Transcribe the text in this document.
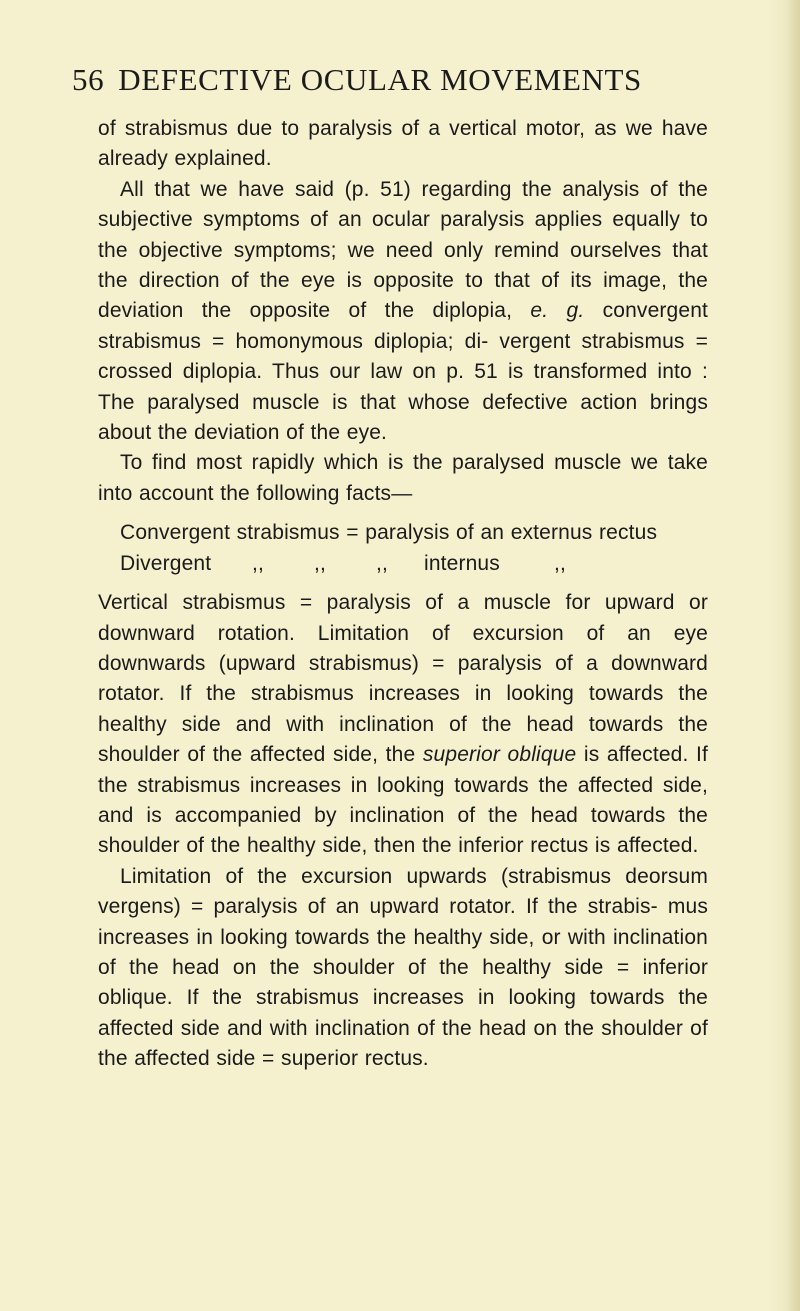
56 DEFECTIVE OCULAR MOVEMENTS

of strabismus due to paralysis of a vertical motor, as we have already explained.

All that we have said (p. 51) regarding the analysis of the subjective symptoms of an ocular paralysis applies equally to the objective symptoms; we need only remind ourselves that the direction of the eye is opposite to that of its image, the deviation the opposite of the diplopia, e. g. convergent strabismus = homonymous diplopia; di- vergent strabismus = crossed diplopia. Thus our law on p. 51 is transformed into : The paralysed muscle is that whose defective action brings about the deviation of the eye.

To find most rapidly which is the paralysed muscle we take into account the following facts—

Convergent strabismus = paralysis of an externus rectus
Divergent	,,	,,	,,	internus	,,

Vertical strabismus = paralysis of a muscle for upward or downward rotation. Limitation of excursion of an eye downwards (upward strabismus) = paralysis of a downward rotator. If the strabismus increases in looking towards the healthy side and with inclination of the head towards the shoulder of the affected side, the superior oblique is affected. If the strabismus increases in looking towards the affected side, and is accompanied by inclination of the head towards the shoulder of the healthy side, then the inferior rectus is affected.

Limitation of the excursion upwards (strabismus deorsum vergens) = paralysis of an upward rotator. If the strabis- mus increases in looking towards the healthy side, or with inclination of the head on the shoulder of the healthy side = inferior oblique. If the strabismus increases in looking towards the affected side and with inclination of the head on the shoulder of the affected side = superior rectus.
